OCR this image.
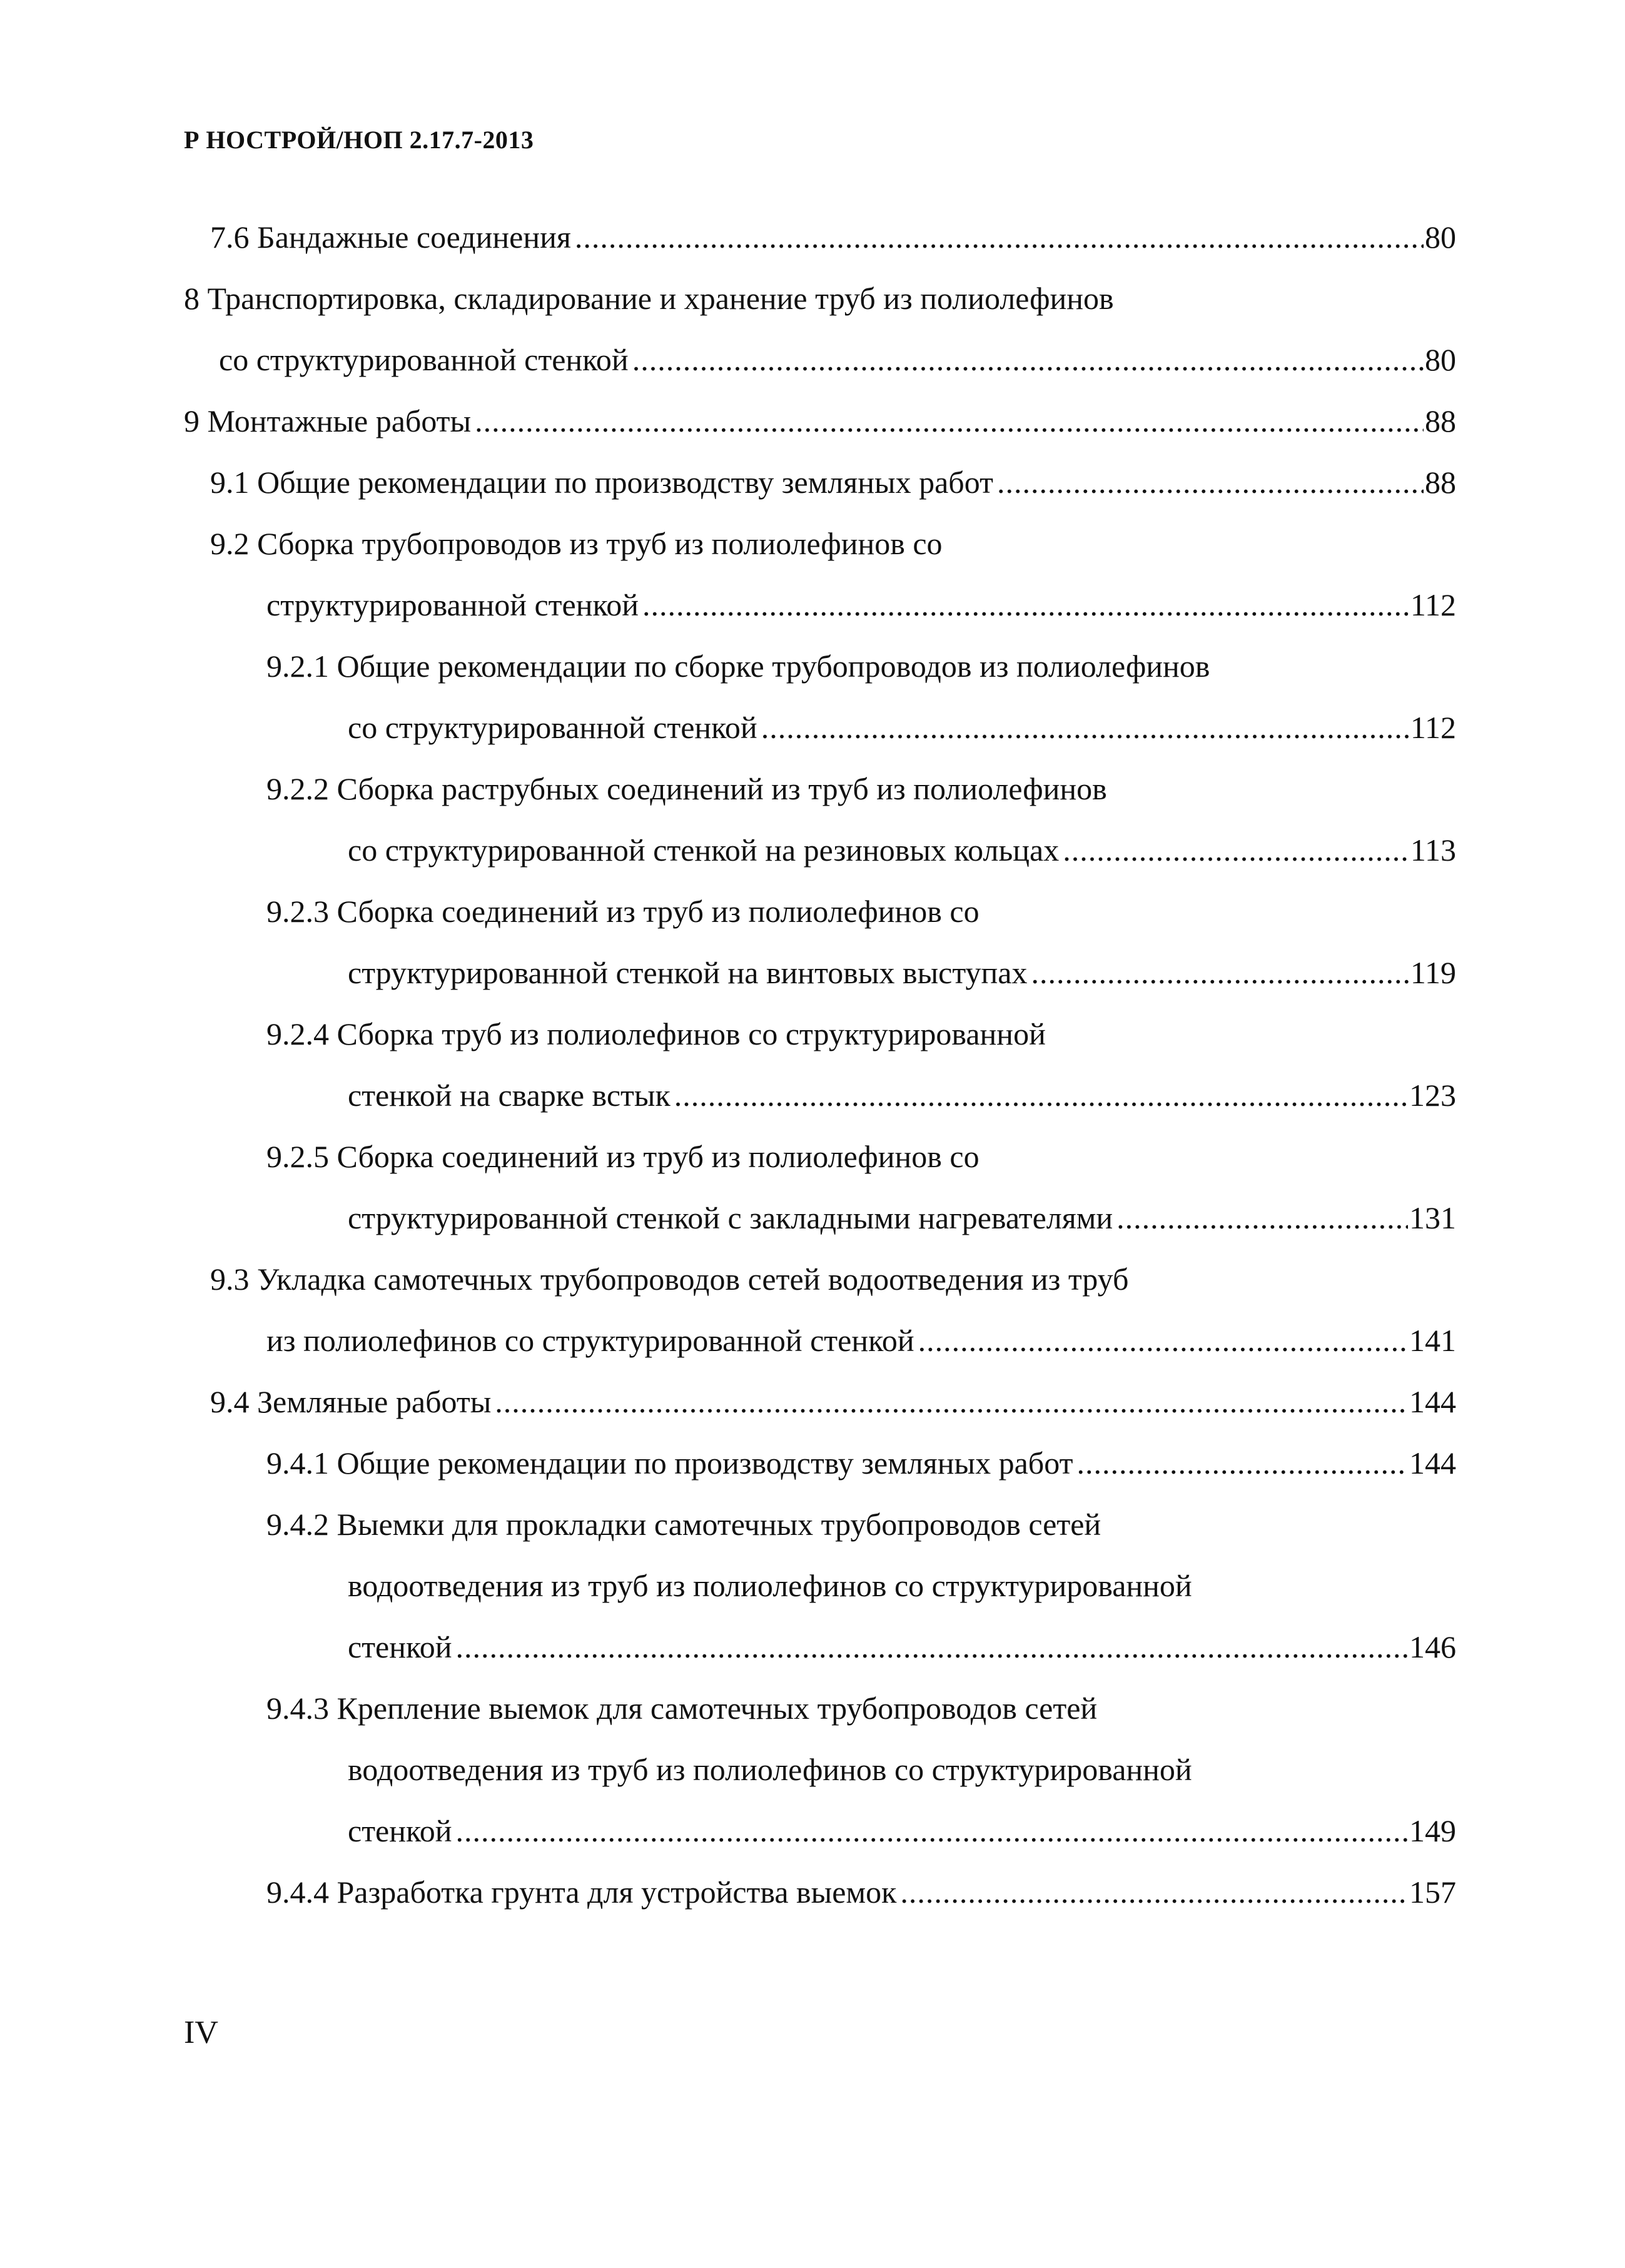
Р НОСТРОЙ/НОП 2.17.7-2013
7.6 Бандажные соединения .....	80
8 Транспортировка, складирование и хранение труб из полиолефинов
со структурированной стенкой .....	80
9 Монтажные работы .....	88
9.1 Общие рекомендации по производству земляных работ .....	88
9.2 Сборка трубопроводов из труб из полиолефинов со
структурированной стенкой .....	112
9.2.1 Общие рекомендации по сборке трубопроводов из полиолефинов
со структурированной стенкой .....	112
9.2.2 Сборка раструбных соединений из труб из полиолефинов
со структурированной стенкой на резиновых кольцах .....	113
9.2.3 Сборка соединений из труб из полиолефинов со
структурированной стенкой на винтовых выступах .....	119
9.2.4 Сборка труб из полиолефинов со структурированной
стенкой на сварке встык .....	123
9.2.5 Сборка соединений из труб из полиолефинов со
структурированной стенкой с закладными нагревателями .....	131
9.3 Укладка самотечных трубопроводов сетей водоотведения из труб
из полиолефинов со структурированной стенкой .....	141
9.4 Земляные работы .....	144
9.4.1 Общие рекомендации по производству земляных работ .....	144
9.4.2 Выемки для прокладки самотечных трубопроводов сетей
водоотведения из труб из полиолефинов со структурированной
стенкой .....	146
9.4.3 Крепление выемок для самотечных трубопроводов сетей
водоотведения из труб из полиолефинов со структурированной
стенкой .....	149
9.4.4 Разработка грунта для устройства выемок .....	157
IV
